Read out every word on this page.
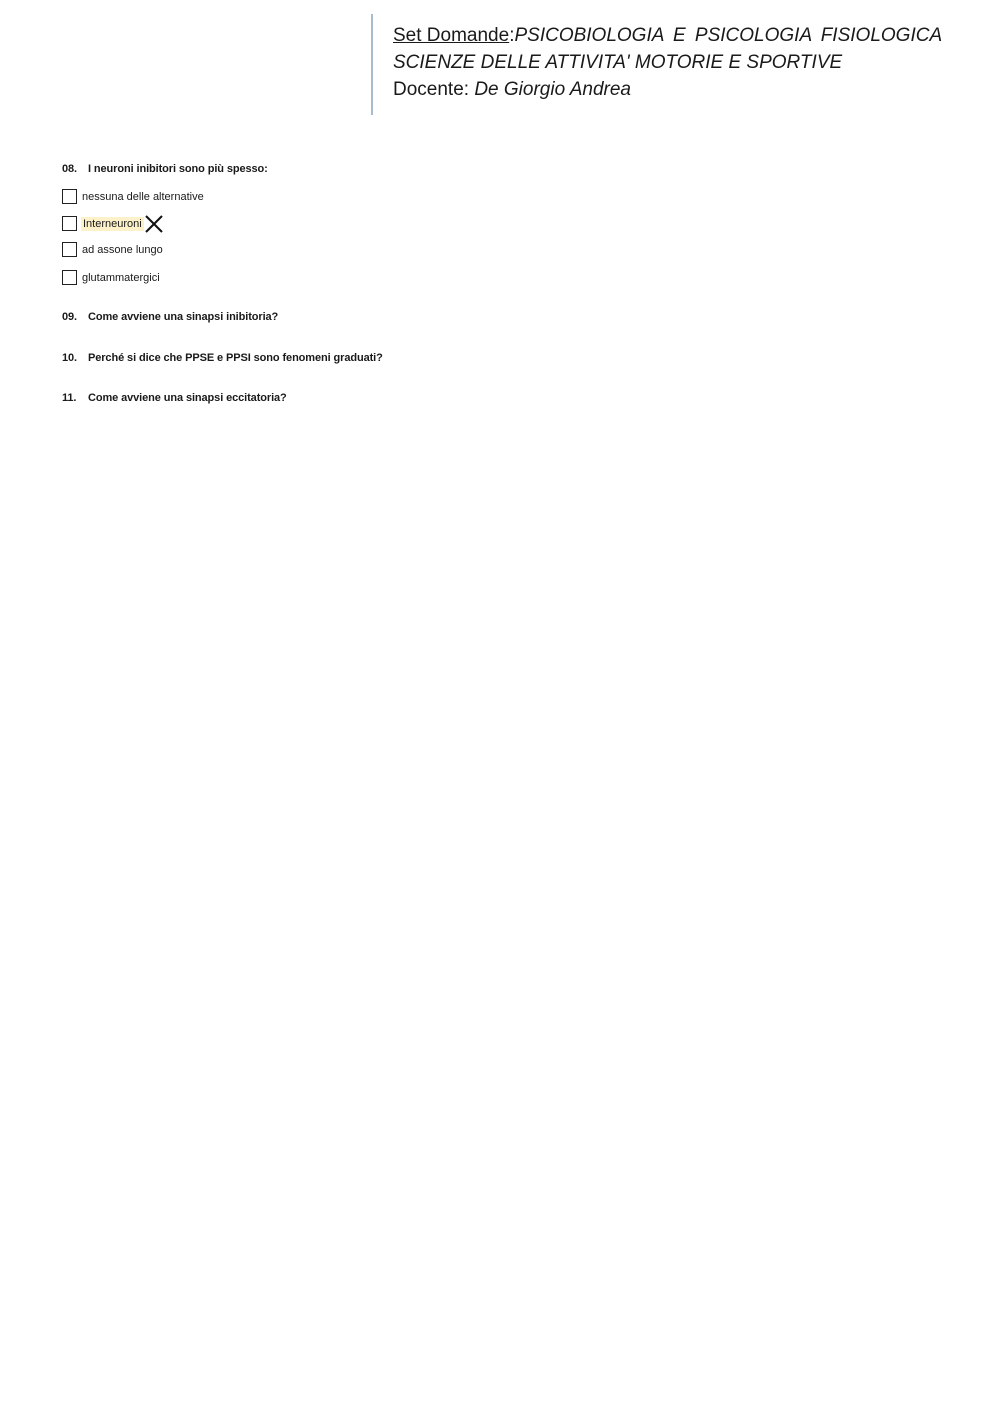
Set Domande: PSICOBIOLOGIA E PSICOLOGIA FISIOLOGICA
SCIENZE DELLE ATTIVITA' MOTORIE E SPORTIVE
Docente: De Giorgio Andrea
08. I neuroni inibitori sono più spesso:
nessuna delle alternative
Interneuroni
ad assone lungo
glutammatergici
09. Come avviene una sinapsi inibitoria?
10. Perché si dice che PPSE e PPSI sono fenomeni graduati?
11. Come avviene una sinapsi eccitatoria?
